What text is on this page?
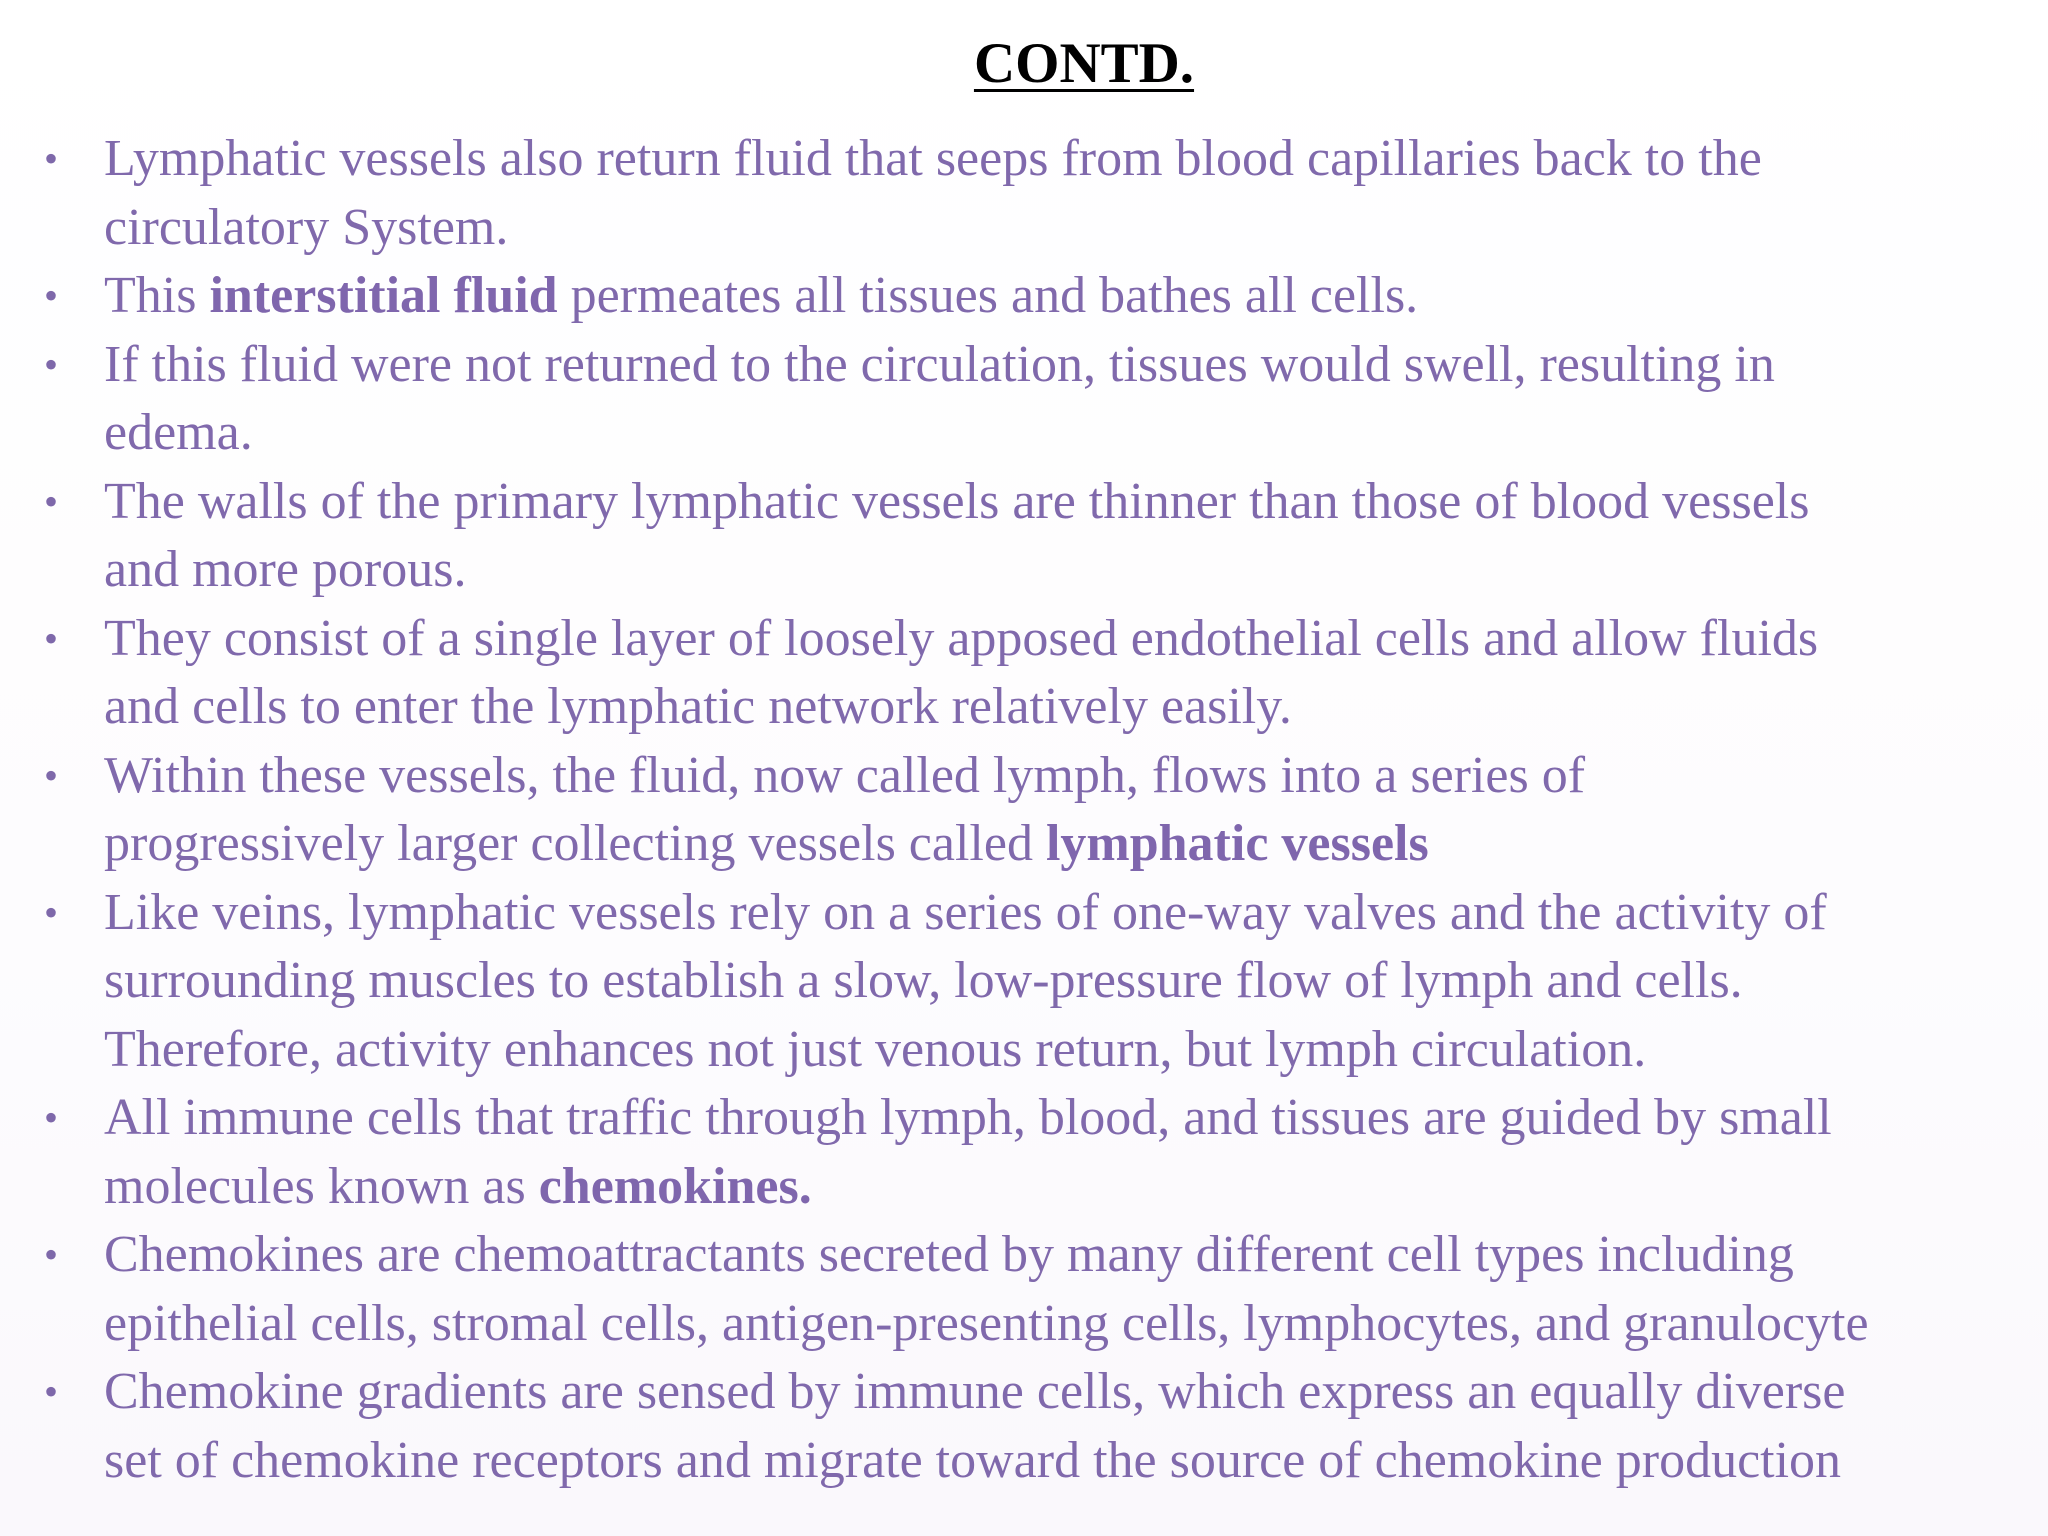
CONTD.
• Lymphatic vessels also return fluid that seeps from blood capillaries back to the
circulatory System.
• This interstitial fluid permeates all tissues and bathes all cells.
• If this fluid were not returned to the circulation, tissues would swell, resulting in
edema.
• The walls of the primary lymphatic vessels are thinner than those of blood vessels
and more porous.
• They consist of a single layer of loosely apposed endothelial cells and allow fluids
and cells to enter the lymphatic network relatively easily.
• Within these vessels, the fluid, now called lymph, flows into a series of
progressively larger collecting vessels called lymphatic vessels
• Like veins, lymphatic vessels rely on a series of one-way valves and the activity of
surrounding muscles to establish a slow, low-pressure flow of lymph and cells.
Therefore, activity enhances not just venous return, but lymph circulation.
• All immune cells that traffic through lymph, blood, and tissues are guided by small
molecules known as chemokines.
• Chemokines are chemoattractants secreted by many different cell types including
epithelial cells, stromal cells, antigen-presenting cells, lymphocytes, and granulocyte
• Chemokine gradients are sensed by immune cells, which express an equally diverse
set of chemokine receptors and migrate toward the source of chemokine production
